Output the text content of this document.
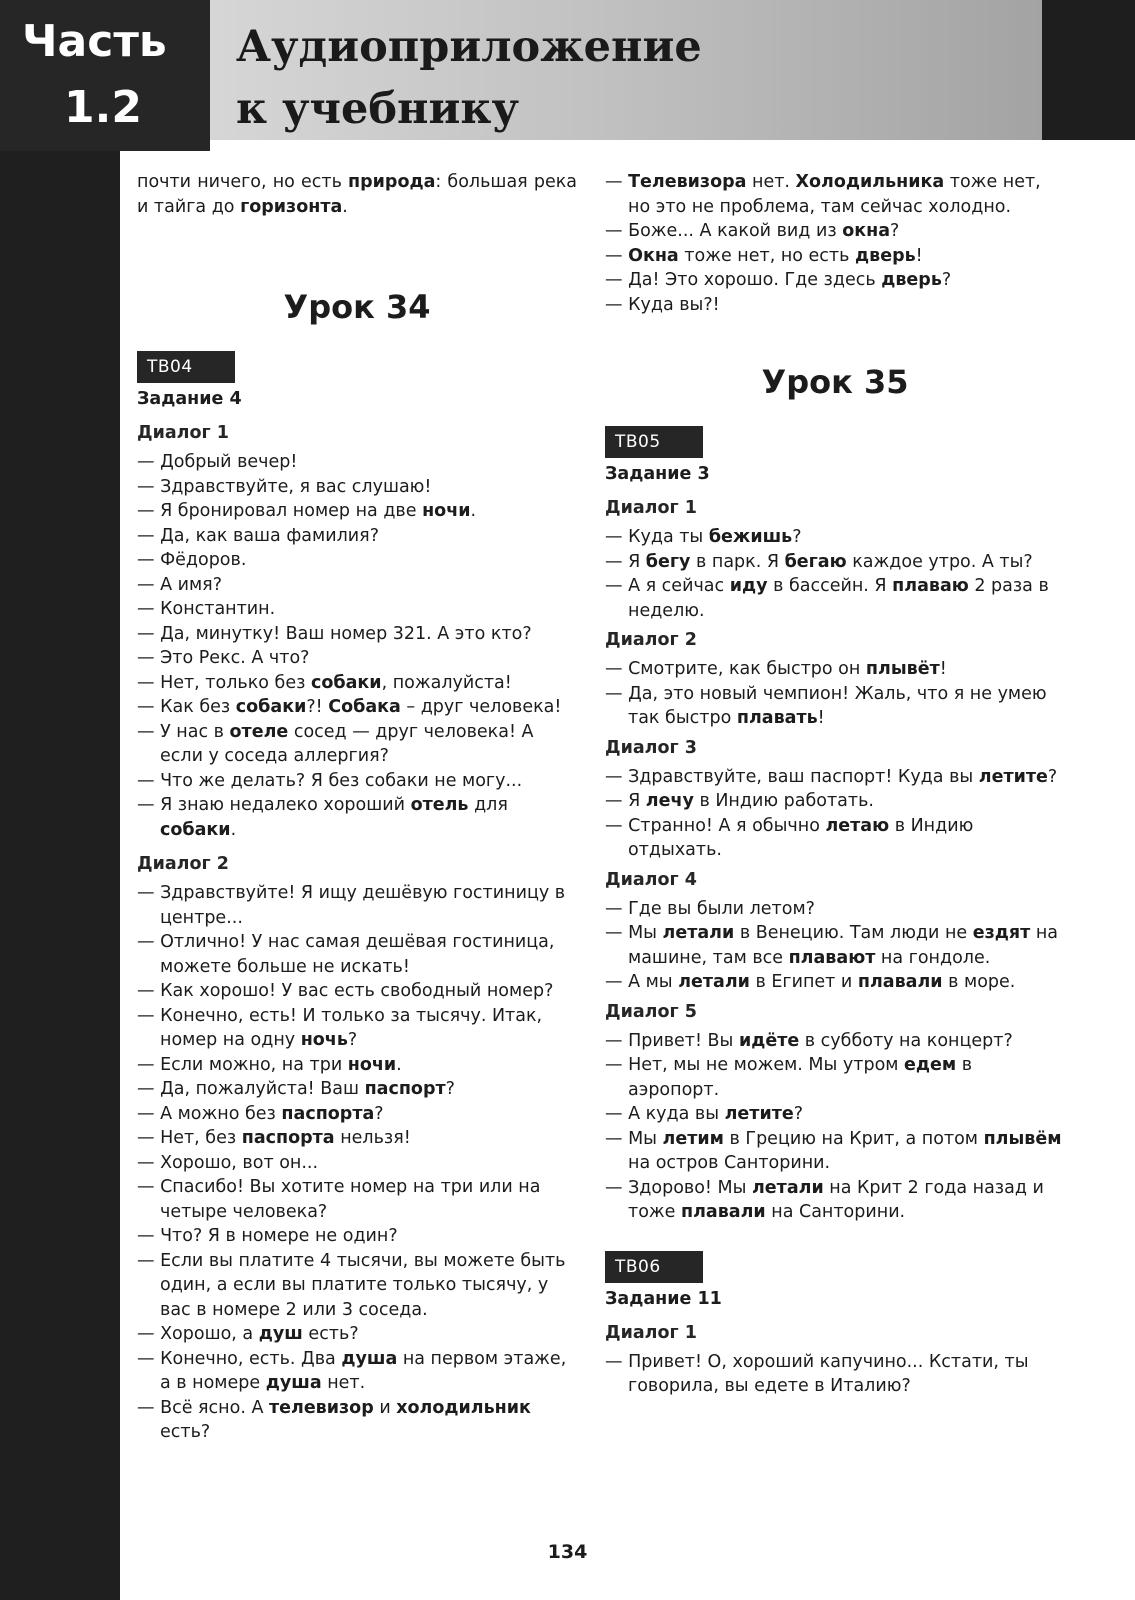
Часть
1.2
Аудиоприложение
к учебнику

почти ничего, но есть природа: большая река и тайга до горизонта.

Урок 34

TB04

Задание 4

Диалог 1

— Добрый вечер!

— Здравствуйте, я вас слушаю!

— Я бронировал номер на две ночи.

— Да, как ваша фамилия?

— Фёдоров.

— А имя?

— Константин.

— Да, минутку! Ваш номер 321. А это кто?

— Это Рекс. А что?

— Нет, только без собаки, пожалуйста!

— Как без собаки?! Собака – друг человека!

— У нас в отеле сосед — друг человека! А если у соседа аллергия?

— Что же делать? Я без собаки не могу...

— Я знаю недалеко хороший отель для собаки.

Диалог 2

— Здравствуйте! Я ищу дешёвую гостиницу в центре...

— Отлично! У нас самая дешёвая гостиница, можете больше не искать!

— Как хорошо! У вас есть свободный номер?

— Конечно, есть! И только за тысячу. Итак, номер на одну ночь?

— Если можно, на три ночи.

— Да, пожалуйста! Ваш паспорт?

— А можно без паспорта?

— Нет, без паспорта нельзя!

— Хорошо, вот он...

— Спасибо! Вы хотите номер на три или на четыре человека?

— Что? Я в номере не один?

— Если вы платите 4 тысячи, вы можете быть один, а если вы платите только тысячу, у вас в номере 2 или 3 соседа.

— Хорошо, а душ есть?

— Конечно, есть. Два душа на первом этаже, а в номере душа нет.

— Всё ясно. А телевизор и холодильник есть?

— Телевизора нет. Холодильника тоже нет, но это не проблема, там сейчас холодно.

— Боже... А какой вид из окна?

— Окна тоже нет, но есть дверь!

— Да! Это хорошо. Где здесь дверь?

— Куда вы?!

Урок 35

TB05

Задание 3

Диалог 1

— Куда ты бежишь?

— Я бегу в парк. Я бегаю каждое утро. А ты?

— А я сейчас иду в бассейн. Я плаваю 2 раза в неделю.

Диалог 2

— Смотрите, как быстро он плывёт!

— Да, это новый чемпион! Жаль, что я не умею так быстро плавать!

Диалог 3

— Здравствуйте, ваш паспорт! Куда вы летите?

— Я лечу в Индию работать.

— Странно! А я обычно летаю в Индию отдыхать.

Диалог 4

— Где вы были летом?

— Мы летали в Венецию. Там люди не ездят на машине, там все плавают на гондоле.

— А мы летали в Египет и плавали в море.

Диалог 5

— Привет! Вы идёте в субботу на концерт?

— Нет, мы не можем. Мы утром едем в аэропорт.

— А куда вы летите?

— Мы летим в Грецию на Крит, а потом плывём на остров Санторини.

— Здорово! Мы летали на Крит 2 года назад и тоже плавали на Санторини.

TB06

Задание 11

Диалог 1

— Привет! О, хороший капучино... Кстати, ты говорила, вы едете в Италию?

134
